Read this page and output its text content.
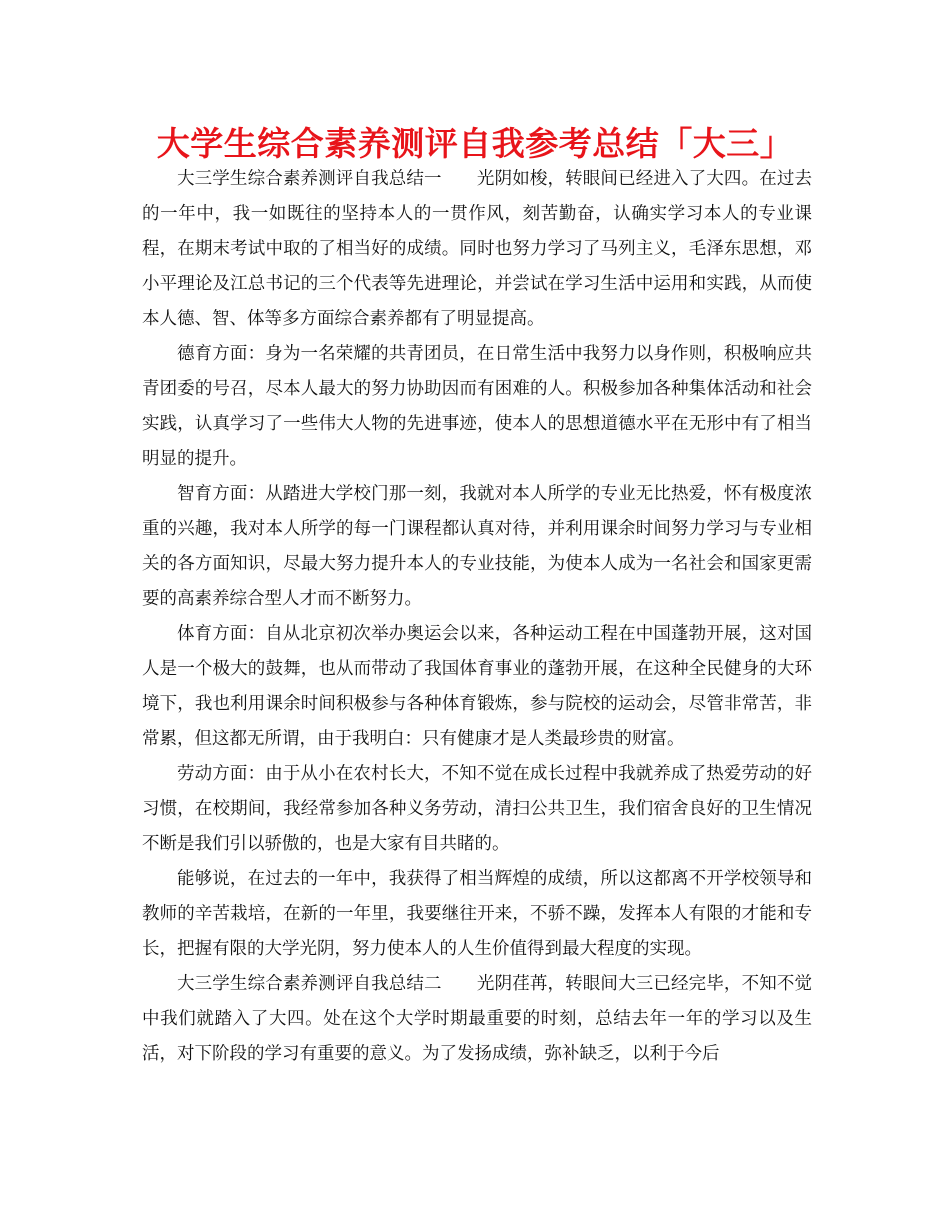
大学生综合素养测评自我参考总结「大三」

大三学生综合素养测评自我总结一　　光阴如梭，转眼间已经进入了大四。在过去的一年中，我一如既往的坚持本人的一贯作风，刻苦勤奋，认确实学习本人的专业课程，在期末考试中取的了相当好的成绩。同时也努力学习了马列主义，毛泽东思想，邓小平理论及江总书记的三个代表等先进理论，并尝试在学习生活中运用和实践，从而使本人德、智、体等多方面综合素养都有了明显提高。

德育方面：身为一名荣耀的共青团员，在日常生活中我努力以身作则，积极响应共青团委的号召，尽本人最大的努力协助因而有困难的人。积极参加各种集体活动和社会实践，认真学习了一些伟大人物的先进事迹，使本人的思想道德水平在无形中有了相当明显的提升。

智育方面：从踏进大学校门那一刻，我就对本人所学的专业无比热爱，怀有极度浓重的兴趣，我对本人所学的每一门课程都认真对待，并利用课余时间努力学习与专业相关的各方面知识，尽最大努力提升本人的专业技能，为使本人成为一名社会和国家更需要的高素养综合型人才而不断努力。

体育方面：自从北京初次举办奥运会以来，各种运动工程在中国蓬勃开展，这对国人是一个极大的鼓舞，也从而带动了我国体育事业的蓬勃开展，在这种全民健身的大环境下，我也利用课余时间积极参与各种体育锻炼，参与院校的运动会，尽管非常苦，非常累，但这都无所谓，由于我明白：只有健康才是人类最珍贵的财富。

劳动方面：由于从小在农村长大，不知不觉在成长过程中我就养成了热爱劳动的好习惯，在校期间，我经常参加各种义务劳动，清扫公共卫生，我们宿舍良好的卫生情况不断是我们引以骄傲的，也是大家有目共睹的。

能够说，在过去的一年中，我获得了相当辉煌的成绩，所以这都离不开学校领导和教师的辛苦栽培，在新的一年里，我要继往开来，不骄不躁，发挥本人有限的才能和专长，把握有限的大学光阴，努力使本人的人生价值得到最大程度的实现。

大三学生综合素养测评自我总结二　　光阴荏苒，转眼间大三已经完毕，不知不觉中我们就踏入了大四。处在这个大学时期最重要的时刻，总结去年一年的学习以及生活，对下阶段的学习有重要的意义。为了发扬成绩，弥补缺乏，以利于今后
